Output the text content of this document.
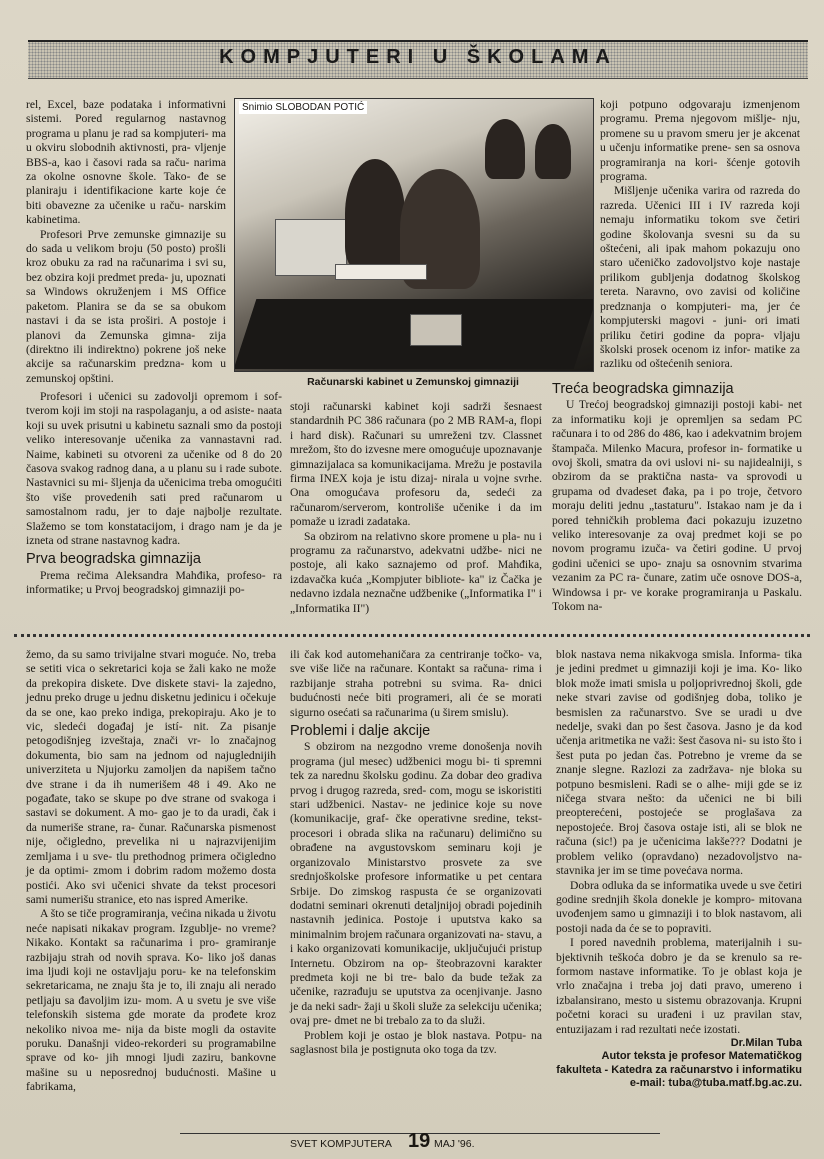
KOMPJUTERI U ŠKOLAMA

rel, Excel, baze podataka i informativni sistemi. Pored regularnog nastavnog programa u planu je rad sa kompjuteri- ma u okviru slobodnih aktivnosti, pra- vljenje BBS-a, kao i časovi rada sa raču- narima za okolne osnovne škole. Tako- đe se planiraju i identifikacione karte koje će biti obavezne za učenike u raču- narskim kabinetima.

Profesori Prve zemunske gimnazije su do sada u velikom broju (50 posto) prošli kroz obuku za rad na računarima i svi su, bez obzira koji predmet preda- ju, upoznati sa Windows okruženjem i MS Office paketom. Planira se da se sa obukom nastavi i da se ista proširi. A postoje i planovi da Zemunska gimna- zija (direktno ili indirektno) pokrene još neke akcije sa računarskim predzna- kom u zemunskoj opštini.

Profesori i učenici su zadovolji opremom i sof- tverom koji im stoji na raspolaganju, a od asiste- naata koji su uvek prisutni u kabinetu saznali smo da postoji veliko interesovanje učenika za vannastavni rad. Naime, kabineti su otvoreni za učenike od 8 do 20 časova svakog radnog dana, a u planu su i rade subote. Nastavnici su mi- šljenja da učenicima treba omogućiti što više provedenih sati pred računarom u samostalnom radu, jer to daje najbolje rezultate. Slažemo se tom konstatacijom, i drago nam je da je izneta od strane nastavnog kadra.

Prva beogradska gimnazija

Prema rečima Aleksandra Mahđika, profeso- ra informatike; u Prvoj beogradskoj gimnaziji po-

Snimio SLOBODAN POTIĆ
Računarski kabinet u Zemunskoj gimnaziji

stoji računarski kabinet koji sadrži šesnaest standardnih PC 386 računara (po 2 MB RAM-a, flopi i hard disk). Računari su umreženi tzv. Classnet mrežom, što do izvesne mere omogućuje upoznavanje gimnazijalaca sa komunikacijama. Mrežu je postavila firma INEX koja je istu dizaj- nirala u vojne svrhe. Ona omogućava profesoru da, sedeći za računarom/serverom, kontroliše učenike i da im pomaže u izradi zadataka.

Sa obzirom na relativno skore promene u pla- nu i programu za računarstvo, adekvatni udžbe- nici ne postoje, ali kako saznajemo od prof. Mahđika, izdavačka kuća „Kompjuter bibliote- ka" iz Čačka je nedavno izdala neznačne udžbenike („Informatika I" i „Informatika II")

koji potpuno odgovaraju izmenjenom programu. Prema njegovom mišlje- nju, promene su u pravom smeru jer je akcenat u učenju informatike prene- sen sa osnova programiranja na kori- šćenje gotovih programa.

Mišljenje učenika varira od razreda do razreda. Učenici III i IV razreda koji nemaju informatiku tokom sve četiri godine školovanja svesni su da su oštećeni, ali ipak mahom pokazuju ono staro učeničko zadovoljstvo koje nastaje prilikom gubljenja dodatnog školskog tereta. Naravno, ovo zavisi od količine predznanja o kompjuteri- ma, jer će kompjuterski magovi - juni- ori imati priliku četiri godine da popra- vljaju školski prosek ocenom iz infor- matike za razliku od oštećenih seniora.

Treća beogradska gimnazija

U Trećoj beogradskoj gimnaziji postoji kabi- net za informatiku koji je opremljen sa sedam PC računara i to od 286 do 486, kao i adekvatnim brojem štampača. Milenko Macura, profesor in- formatike u ovoj školi, smatra da ovi uslovi ni- su najidealniji, s obzirom da se praktična nasta- va sprovodi u grupama od dvadeset đaka, pa i po troje, četvoro moraju deliti jednu „tastaturu". Istakao nam je da i pored tehničkih problema đaci pokazuju izuzetno veliko interesovanje za ovaj predmet koji se po novom programu izuča- va četiri godine. U prvoj godini učenici se upo- znaju sa osnovnim stvarima vezanim za PC ra- čunare, zatim uče osnove DOS-a, Windowsa i pr- ve korake programiranja u Paskalu. Tokom na-

žemo, da su samo trivijalne stvari moguće. No, treba se setiti vica o sekretarici koja se žali kako ne može da prekopira diskete. Dve diskete stavi- la zajedno, jednu preko druge u jednu disketnu jedinicu i očekuje da se one, kao preko indiga, prekopiraju. Ako je to vic, sledeći događaj je istí- nit. Za pisanje petogodišnjeg izveštaja, znači vr- lo značajnog dokumenta, bio sam na jednom od najuglednijih univerziteta u Njujorku zamoljen da napišem tačno dve strane i da ih numerišem 48 i 49. Ako ne pogađate, tako se skupe po dve strane od svakoga i sastavi se dokument. A mo- gao je to da uradi, čak i da numeriše strane, ra- čunar. Računarska pismenost nije, očigledno, prevelika ni u najrazvijenijim zemljama i u sve- tlu prethodnog primera očigledno je da optimi- zmom i dobrim radom možemo dosta postići. Ako svi učenici shvate da tekst procesori sami numerišu stranice, eto nas ispred Amerike.

A što se tiče programiranja, većina nikada u životu neće napisati nikakav program. Izgublje- no vreme? Nikako. Kontakt sa računarima i pro- gramiranje razbijaju strah od novih sprava. Ko- liko još danas ima ljudi koji ne ostavljaju poru- ke na telefonskim sekretaricama, ne znaju šta je to, ili znaju ali nerado petljaju sa đavoljim izu- mom. A u svetu je sve više telefonskih sistema gde morate da prođete kroz nekoliko nivoa me- nija da biste mogli da ostavite poruku. Današnji video-rekorderi su programabilne sprave od ko- jih mnogi ljudi zaziru, bankovne mašine su u neposrednoj budućnosti. Mašine u fabrikama,

ili čak kod automehaničara za centriranje točko- va, sve više liče na računare. Kontakt sa računa- rima i razbijanje straha potrebni su svima. Ra- dnici budućnosti neće biti programeri, ali će se morati sigurno osećati sa računarima (u širem smislu).

Problemi i dalje akcije

S obzirom na nezgodno vreme donošenja novih programa (jul mesec) udžbenici mogu bi- ti spremni tek za narednu školsku godinu. Za dobar deo gradiva prvog i drugog razreda, sred- com, mogu se iskoristiti stari udžbenici. Nastav- ne jedinice koje su nove (komunikacije, graf- čke operativne sredine, tekst-procesori i obrada slika na računaru) delimično su obrađene na avgustovskom seminaru koji je organizovalo Ministarstvo prosvete za sve srednjoškolske profesore informatike u pet centara Srbije. Do zimskog raspusta će se organizovati dodatni seminari okrenuti detaljnijoj obradi pojedinih nastavnih jedinica. Postoje i uputstva kako sa minimalnim brojem računara organizovati na- stavu, a i kako organizovati komunikacije, uključujući pristup Internetu. Obzirom na op- šteobrazovni karakter predmeta koji ne bi tre- balo da bude težak za učenike, razrađuju se uputstva za ocenjivanje. Jasno je da neki sadr- žaji u školi služe za selekciju učenika; ovaj pre- dmet ne bi trebalo za to da služi.

Problem koji je ostao je blok nastava. Potpu- na saglasnost bila je postignuta oko toga da tzv.

blok nastava nema nikakvoga smisla. Informa- tika je jedini predmet u gimnaziji koji je ima. Ko- liko blok može imati smisla u poljoprivrednoj školi, gde neke stvari zavise od godišnjeg doba, toliko je besmislen za računarstvo. Sve se uradi u dve nedelje, svaki dan po šest časova. Jasno je da kod učenja aritmetika ne važi: šest časova ni- su isto što i šest puta po jedan čas. Potrebno je vreme da se znanje slegne. Razlozi za zadržava- nje bloka su potpuno besmisleni. Radi se o alhe- miji gde se iz ničega stvara nešto: da učenici ne bi bili preopterećeni, postojeće se proglašava za nepostojeće. Broj časova ostaje isti, ali se blok ne računa (sic!) pa je učenicima lakše??? Dodatni je problem veliko (opravdano) nezadovoljstvo na- stavnika jer im se time povećava norma.

Dobra odluka da se informatika uvede u sve četiri godine srednjih škola donekle je kompro- mitovana uvođenjem samo u gimnaziji i to blok nastavom, ali postoji nada da će se to popraviti.

I pored navednih problema, materijalnih i su- bjektivnih teškoća dobro je da se krenulo sa re- formom nastave informatike. To je oblast koja je vrlo značajna i treba joj dati pravo, umereno i izbalansirano, mesto u sistemu obrazovanja. Krupni početni koraci su urađeni i uz pravilan stav, entuzijazam i rad rezultati neće izostati.

Dr.Milan Tuba
Autor teksta je profesor Matematičkog fakulteta - Katedra za računarstvo i informatiku
e-mail: tuba@tuba.matf.bg.ac.zu.
SVET KOMPJUTERA 19 MAJ '96.
